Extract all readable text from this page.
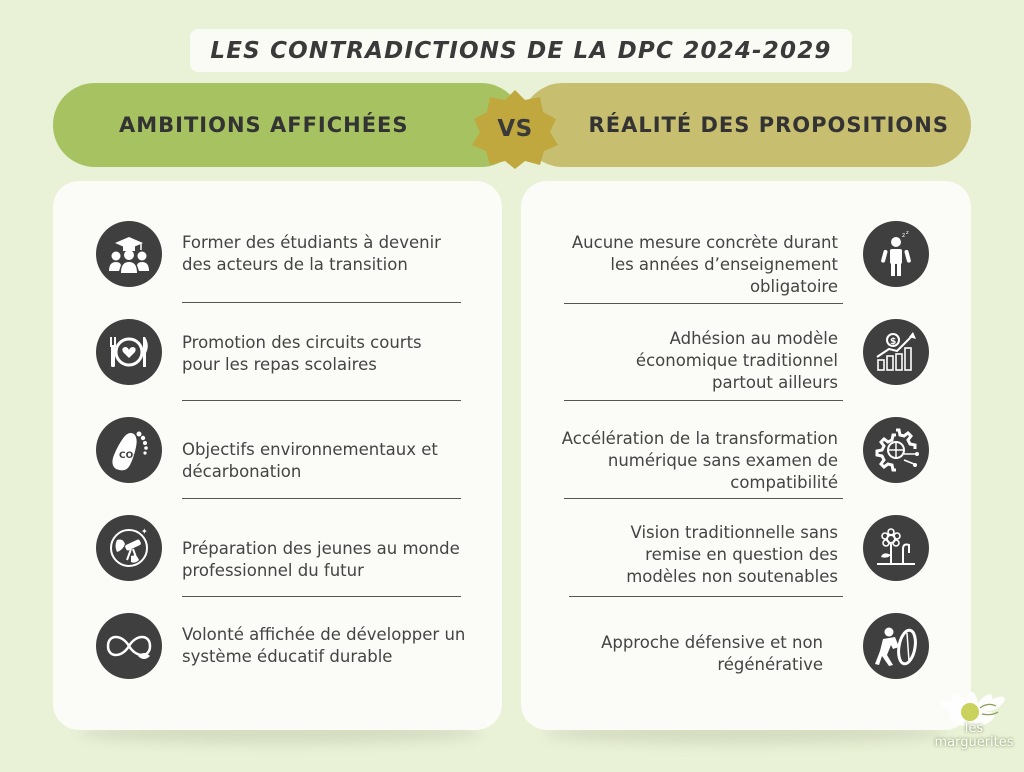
LES CONTRADICTIONS DE LA DPC 2024-2029
AMBITIONS AFFICHÉES	RÉALITÉ DES PROPOSITIONS
VS
Former des étudiants à devenir des acteurs de la transition
Promotion des circuits courts pour les repas scolaires
CO₂	Objectifs environnementaux et décarbonation
✦
Préparation des jeunes au monde professionnel du futur
Volonté affichée de développer un système éducatif durable
Aucune mesure concrète durant les années d’enseignement obligatoire
z z
Adhésion au modèle économique traditionnel partout ailleurs
$
Accélération de la transformation numérique sans examen de compatibilité
Vision traditionnelle sans remise en question des modèles non soutenables
Approche défensive et non régénérative
les marguerites
